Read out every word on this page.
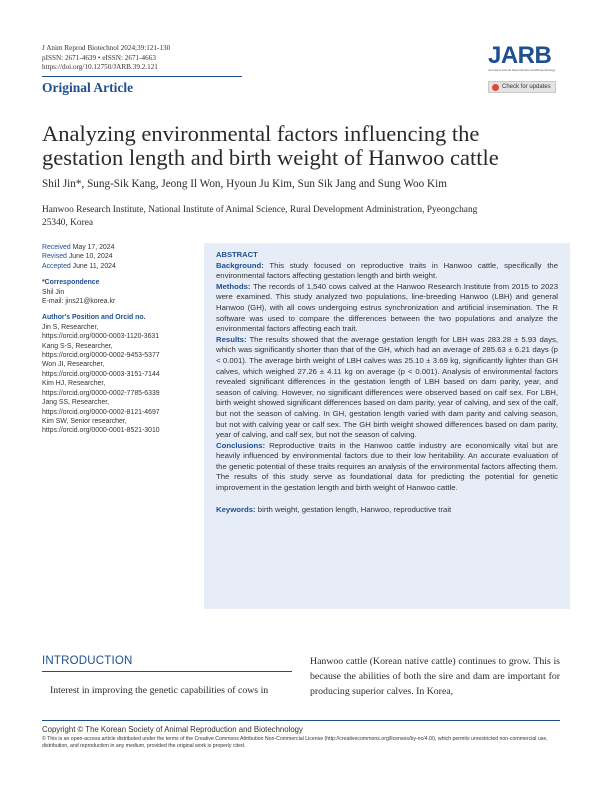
J Anim Reprod Biotechnol 2024;39:121-130
pISSN: 2671-4639 • eISSN: 2671-4663
https://doi.org/10.12750/JARB.39.2.121
Original Article
JARB
Journal of Animal Reproduction and Biotechnology
Check for updates
Analyzing environmental factors influencing the
gestation length and birth weight of Hanwoo cattle
Shil Jin*, Sung-Sik Kang, Jeong Il Won, Hyoun Ju Kim, Sun Sik Jang and Sung Woo Kim
Hanwoo Research Institute, National Institute of Animal Science, Rural Development Administration, Pyeongchang
25340, Korea
Received May 17, 2024
Revised June 10, 2024
Accepted June 11, 2024
*Correspondence
Shil Jin
E-mail: jins21@korea.kr
Author's Position and Orcid no.
Jin S, Researcher,
https://orcid.org/0000-0003-1120-3631
Kang S-S, Researcher,
https://orcid.org/0000-0002-9453-5377
Won JI, Researcher,
https://orcid.org/0000-0003-3151-7144
Kim HJ, Researcher,
https://orcid.org/0000-0002-7785-6339
Jang SS, Researcher,
https://orcid.org/0000-0002-8121-4697
Kim SW, Senior researcher,
https://orcid.org/0000-0001-8521-3010
ABSTRACT

Background: This study focused on reproductive traits in Hanwoo cattle, specifically the environmental factors affecting gestation length and birth weight.

Methods: The records of 1,540 cows calved at the Hanwoo Research Institute from 2015 to 2023 were examined. This study analyzed two populations, line-breeding Hanwoo (LBH) and general Hanwoo (GH), with all cows undergoing estrus synchronization and artificial insemination. The R software was used to compare the differences between the two populations and analyze the environmental factors affecting each trait.

Results: The results showed that the average gestation length for LBH was 283.28 ± 5.93 days, which was significantly shorter than that of the GH, which had an average of 285.63 ± 6.21 days (p < 0.001). The average birth weight of LBH calves was 25.10 ± 3.69 kg, significantly lighter than GH calves, which weighed 27.26 ± 4.11 kg on average (p < 0.001). Analysis of environmental factors revealed significant differences in the gestation length of LBH based on dam parity, year, and season of calving. However, no significant differences were observed based on calf sex. For LBH, birth weight showed significant differences based on dam parity, year of calving, and sex of the calf, but not the season of calving. In GH, gestation length varied with dam parity and calving season, but not with calving year or calf sex. The GH birth weight showed differences based on dam parity, year of calving, and calf sex, but not the season of calving.

Conclusions: Reproductive traits in the Hanwoo cattle industry are economically vital but are heavily influenced by environmental factors due to their low heritability. An accurate evaluation of the genetic potential of these traits requires an analysis of the environmental factors affecting them. The results of this study serve as foundational data for predicting the potential for genetic improvement in the gestation length and birth weight of Hanwoo cattle.

Keywords: birth weight, gestation length, Hanwoo, reproductive trait

INTRODUCTION
Interest in improving the genetic capabilities of cows in
Hanwoo cattle (Korean native cattle) continues to grow. This is because the abilities of both the sire and dam are important for producing superior calves. In Korea,
Copyright © The Korean Society of Animal Reproduction and Biotechnology
© This is an open-access article distributed under the terms of the Creative Commons Attribution Non-Commercial License (http://creativecommons.org/licenses/by-nc/4.0/), which permits unrestricted non-commercial use, distribution, and reproduction in any medium, provided the original work is properly cited.
